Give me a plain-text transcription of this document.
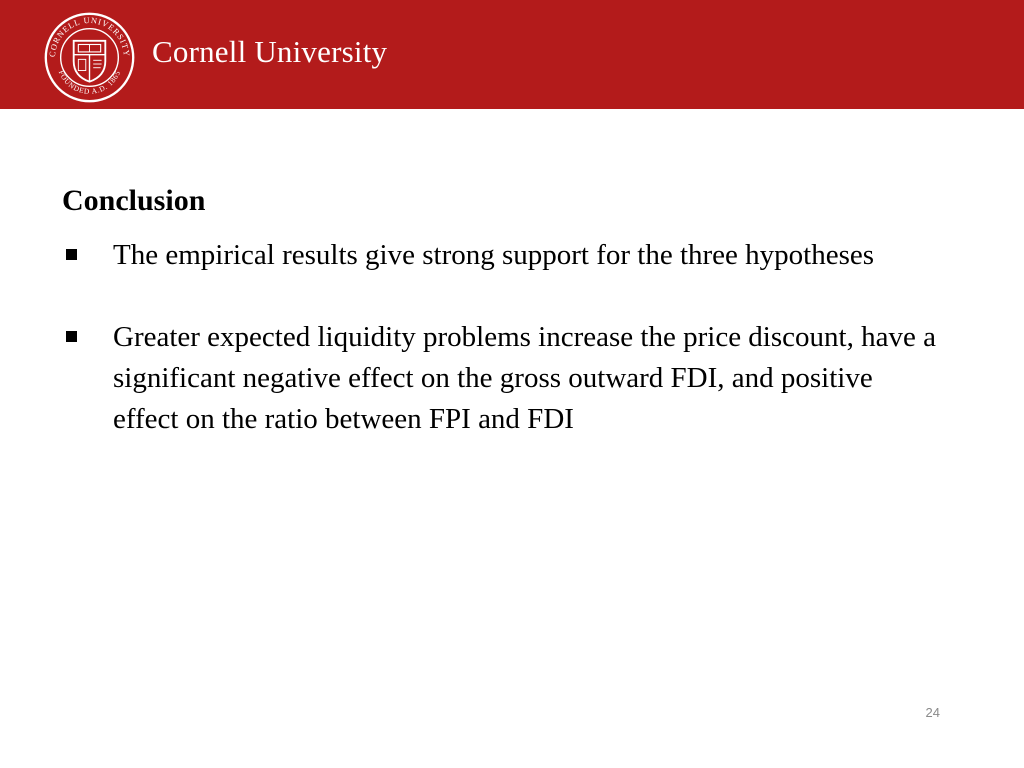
CORNELL UNIVERSITY
FOUNDED A.D. 1865
Cornell University
Conclusion
The empirical results give strong support for the three hypotheses
Greater expected liquidity problems increase the price discount, have a significant negative effect on the gross outward FDI, and positive effect on the ratio between FPI and FDI
24
